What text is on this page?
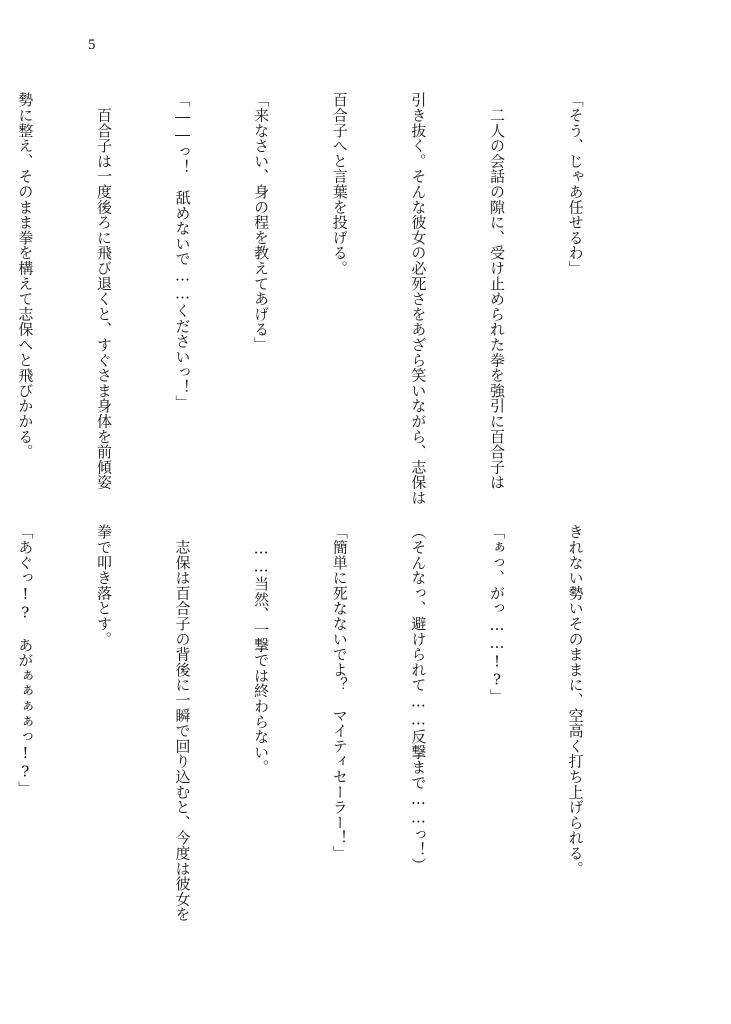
5

「そう、じゃあ任せるわ」

　二人の会話の隙に、受け止められた拳を強引に百合子は

引き抜く。そんな彼女の必死さをあざら笑いながら、志保は

百合子へと言葉を投げる。

「来なさい、身の程を教えてあげる」

「――っ！　舐めないで……くださいっ！」

　百合子は一度後ろに飛び退くと、すぐさま身体を前傾姿

勢に整え、そのまま拳を構えて志保へと飛びかかる。

きれない勢いそのままに、空高く打ち上げられる。

「ぁっ、がっ……!?」

（そんなっ、避けられて……反撃まで……っ！）

「簡単に死なないでよ？　マイティセーラー！」

　……当然、一撃では終わらない。

　志保は百合子の背後に一瞬で回り込むと、今度は彼女を

拳で叩き落とす。

「あぐっ!?　あがぁぁぁぁっ!?」
